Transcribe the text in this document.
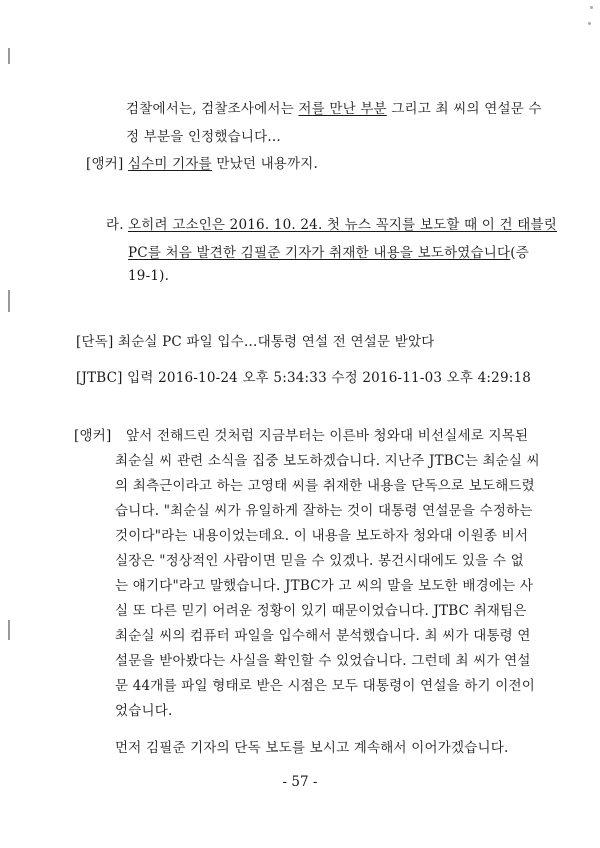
검찰에서는, 검찰조사에서는 저를 만난 부분 그리고 최 씨의 연설문 수
정 부분을 인정했습니다...
[앵커] 심수미 기자를 만났던 내용까지.
라. 오히려 고소인은 2016. 10. 24. 첫 뉴스 꼭지를 보도할 때 이 건 태블릿
PC를 처음 발견한 김필준 기자가 취재한 내용을 보도하였습니다(증
19-1).
[단독] 최순실 PC 파일 입수…대통령 연설 전 연설문 받았다
[JTBC] 입력 2016-10-24 오후 5:34:33 수정 2016-11-03 오후 4:29:18
[앵커] 앞서 전해드린 것처럼 지금부터는 이른바 청와대 비선실세로 지목된
최순실 씨 관련 소식을 집중 보도하겠습니다. 지난주 JTBC는 최순실 씨
의 최측근이라고 하는 고영태 씨를 취재한 내용을 단독으로 보도해드렸
습니다. "최순실 씨가 유일하게 잘하는 것이 대통령 연설문을 수정하는
것이다"라는 내용이었는데요. 이 내용을 보도하자 청와대 이원종 비서
실장은 "정상적인 사람이면 믿을 수 있겠나. 봉건시대에도 있을 수 없
는 얘기다"라고 말했습니다. JTBC가 고 씨의 말을 보도한 배경에는 사
실 또 다른 믿기 어려운 정황이 있기 때문이었습니다. JTBC 취재팀은
최순실 씨의 컴퓨터 파일을 입수해서 분석했습니다. 최 씨가 대통령 연
설문을 받아봤다는 사실을 확인할 수 있었습니다. 그런데 최 씨가 연설
문 44개를 파일 형태로 받은 시점은 모두 대통령이 연설을 하기 이전이
었습니다.
먼저 김필준 기자의 단독 보도를 보시고 계속해서 이어가겠습니다.
- 57 -
